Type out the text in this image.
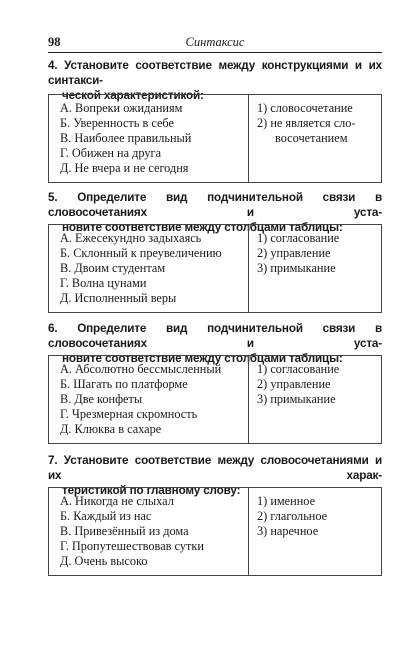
98	Синтаксис
4. Установите соответствие между конструкциями и их синтакси-
ческой характеристикой:
А. Вопреки ожиданиям
Б. Уверенность в себе
В. Наиболее правильный
Г. Обижен на друга
Д. Не вчера и не сегодня
1) словосочетание
2) не является сло-
восочетанием
5. Определите вид подчинительной связи в словосочетаниях и уста-
новите соответствие между столбцами таблицы:
А. Ежесекундно задыхаясь
Б. Склонный к преувеличению
В. Двоим студентам
Г. Волна цунами
Д. Исполненный веры
1) согласование
2) управление
3) примыкание
6. Определите вид подчинительной связи в словосочетаниях и уста-
новите соответствие между столбцами таблицы:
А. Абсолютно бессмысленный
Б. Шагать по платформе
В. Две конфеты
Г. Чрезмерная скромность
Д. Клюква в сахаре
1) согласование
2) управление
3) примыкание
7. Установите соответствие между словосочетаниями и их харак-
теристикой по главному слову:
А. Никогда не слыхал
Б. Каждый из нас
В. Привезённый из дома
Г. Пропутешествовав сутки
Д. Очень высоко
1) именное
2) глагольное
3) наречное
